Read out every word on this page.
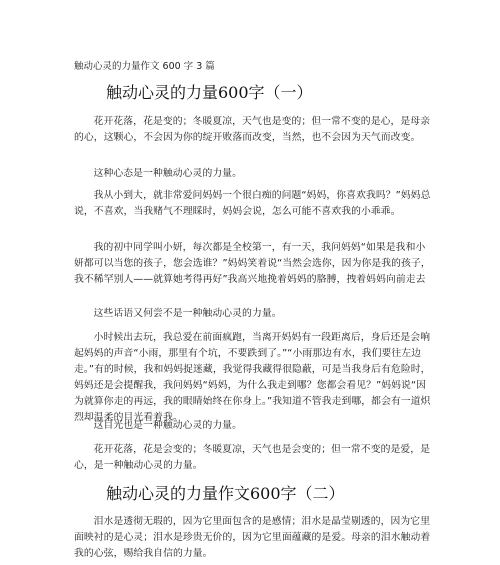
触动心灵的力量作文 600 字 3 篇
触动心灵的力量600字（一）
花开花落，花是变的；冬暖夏凉，天气也是变的；但一常不变的是心，是母亲的心，这颗心，不会因为你的绽开败落而改变，当然，也不会因为天气而改变。
这种心态是一种触动心灵的力量。
我从小到大，就非常爱问妈妈一个很白痴的问题“妈妈，你喜欢我吗？”妈妈总说，不喜欢，当我赌气不理睬时，妈妈会说，怎么可能不喜欢我的小乖乖。
我的初中同学叫小妍，每次都是全校第一，有一天，我问妈妈“如果是我和小妍都可以当您的孩子，您会选谁？”妈妈笑着说“当然会选你，因为你是我的孩子，我不稀罕别人——就算她考得再好”我高兴地挽着妈妈的胳膊，拽着妈妈向前走去
这些话语又何尝不是一种触动心灵的力量。
小时候出去玩，我总爱在前面疯跑，当离开妈妈有一段距离后，身后还是会响起妈妈的声音“小雨，那里有个坑，不要跌到了。”“小雨那边有水，我们要往左边走。”有的时候，我和妈妈捉迷藏，我觉得我藏得很隐蔽，可是当我身后有危险时，妈妈还是会提醒我，我问妈妈“妈妈，为什么我走到哪？您都会看见？”妈妈说“因为就算你走的再远，我的眼睛始终在你身上。”我知道不管我走到哪，都会有一道炽烈却温柔的目光看着我。
这目光也是一种触动心灵的力量。
花开花落，花是会变的；冬暖夏凉，天气也是会变的；但一常不变的是爱，是心，是一种触动心灵的力量。
触动心灵的力量作文600字（二）
泪水是透彻无瑕的，因为它里面包含的是感情；泪水是晶莹剔透的，因为它里面映衬的是心灵；泪水是珍贵无价的，因为它里面蕴藏的是爱。母亲的泪水触动着我的心弦，赐给我自信的力量。
